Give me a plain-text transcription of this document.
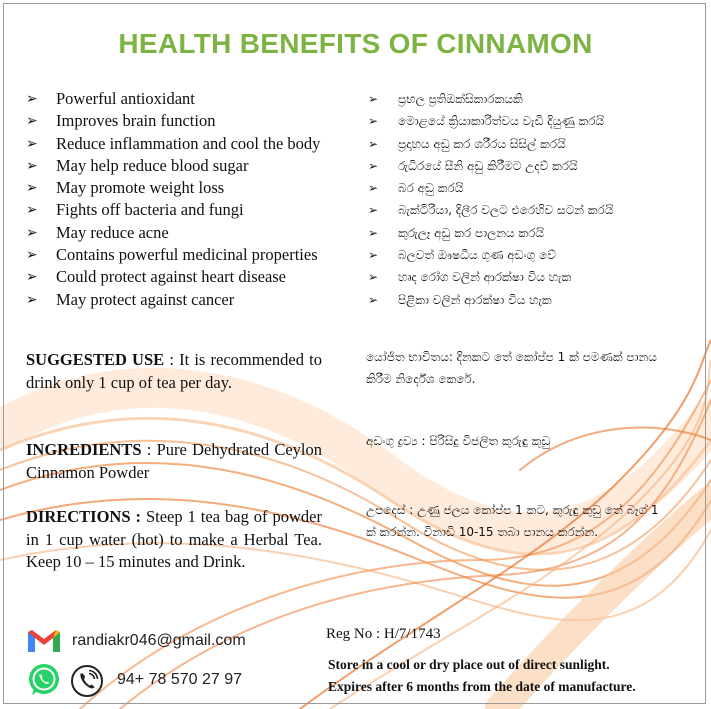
HEALTH BENEFITS OF CINNAMON
➢ Powerful antioxidant
➢ Improves brain function
➢ Reduce inflammation and cool the body
➢ May help reduce blood sugar
➢ May promote weight loss
➢ Fights off bacteria and fungi
➢ May reduce acne
➢ Contains powerful medicinal properties
➢ Could protect against heart disease
➢ May protect against cancer
➢ ප්‍රභල ප්‍රතිඔක්සිකාරකයකි
➢ මොළයේ ක්‍රියාකාරිත්වය වැඩි දියුණු කරයි
➢ ප්‍රදාහය අඩු කර ශරීරය සිසිල් කරයි
➢ රුධිරයේ සීනි අඩු කිරීමට උදව් කරයි
➢ බර අඩු කරයි
➢ බැක්ටීරියා, දිලීර වලට එරෙහිව සටන් කරයි
➢ කුරුලෑ අඩු කර පාලනය කරයි
➢ බලවත් ඖෂධීය ගුණ අඩංගු වේ
➢ හෘද රෝග වලින් ආරක්ෂා විය හැක
➢ පිළිකා වලින් ආරක්ෂා විය හැක
SUGGESTED USE : It is recommended to drink only 1 cup of tea per day.
INGREDIENTS : Pure Dehydrated Ceylon Cinnamon Powder
DIRECTIONS : Steep 1 tea bag of powder in 1 cup water (hot) to make a Herbal Tea. Keep 10 – 15 minutes and Drink.
යෝජිත භාවිතය: දිනකට තේ කෝප්ප 1 ක් පමණක් පානය කිරීම නිර්දේශ කෙරේ.
අඩංගු ද්‍රව්‍ය : පිරිසිදු විජලිත කුරුඳු කුඩු
උපදෙස් : උණු ජලය කෝප්ප 1 කට, කුරුඳු කුඩු තේ බෑග් 1 ක් කරන්න. විනාඩි 10-15 තබා පානය කරන්න.
randiakr046@gmail.com
94+ 78 570 27 97
Reg No : H/7/1743
Store in a cool or dry place out of direct sunlight.
Expires after 6 months from the date of manufacture.
